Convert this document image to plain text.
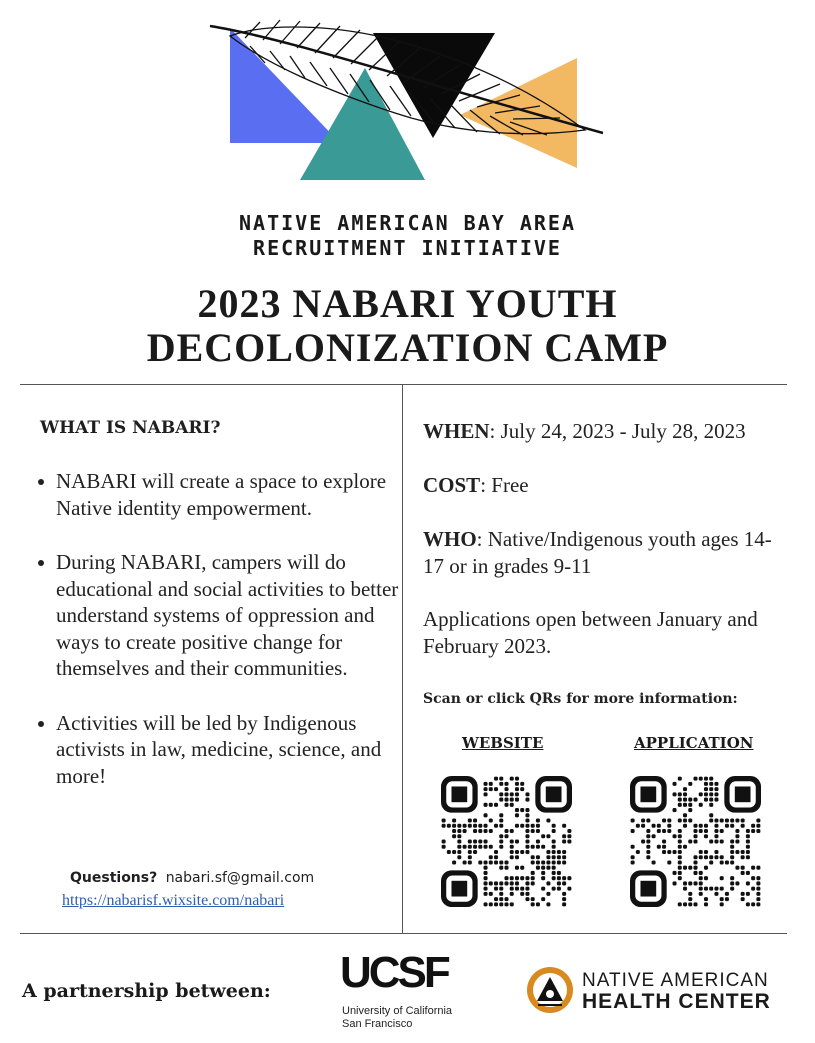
NATIVE AMERICAN BAY AREA
RECRUITMENT INITIATIVE
2023 NABARI YOUTH
DECOLONIZATION CAMP
WHAT IS NABARI?
NABARI will create a space to explore Native identity empowerment.
During NABARI, campers will do educational and social activities to better understand systems of oppression and ways to create positive change for themselves and their communities.
Activities will be led by Indigenous activists in law, medicine, science, and more!
Questions? nabari.sf@gmail.com
https://nabarisf.wixsite.com/nabari

WHEN: July 24, 2023 - July 28, 2023

COST: Free

WHO: Native/Indigenous youth ages 14-17 or in grades 9-11

Applications open between January and February 2023.

Scan or click QRs for more information:

WEBSITE	APPLICATION
A partnership between: UCSF
University of California
San Francisco
NATIVE AMERICAN
HEALTH CENTER
